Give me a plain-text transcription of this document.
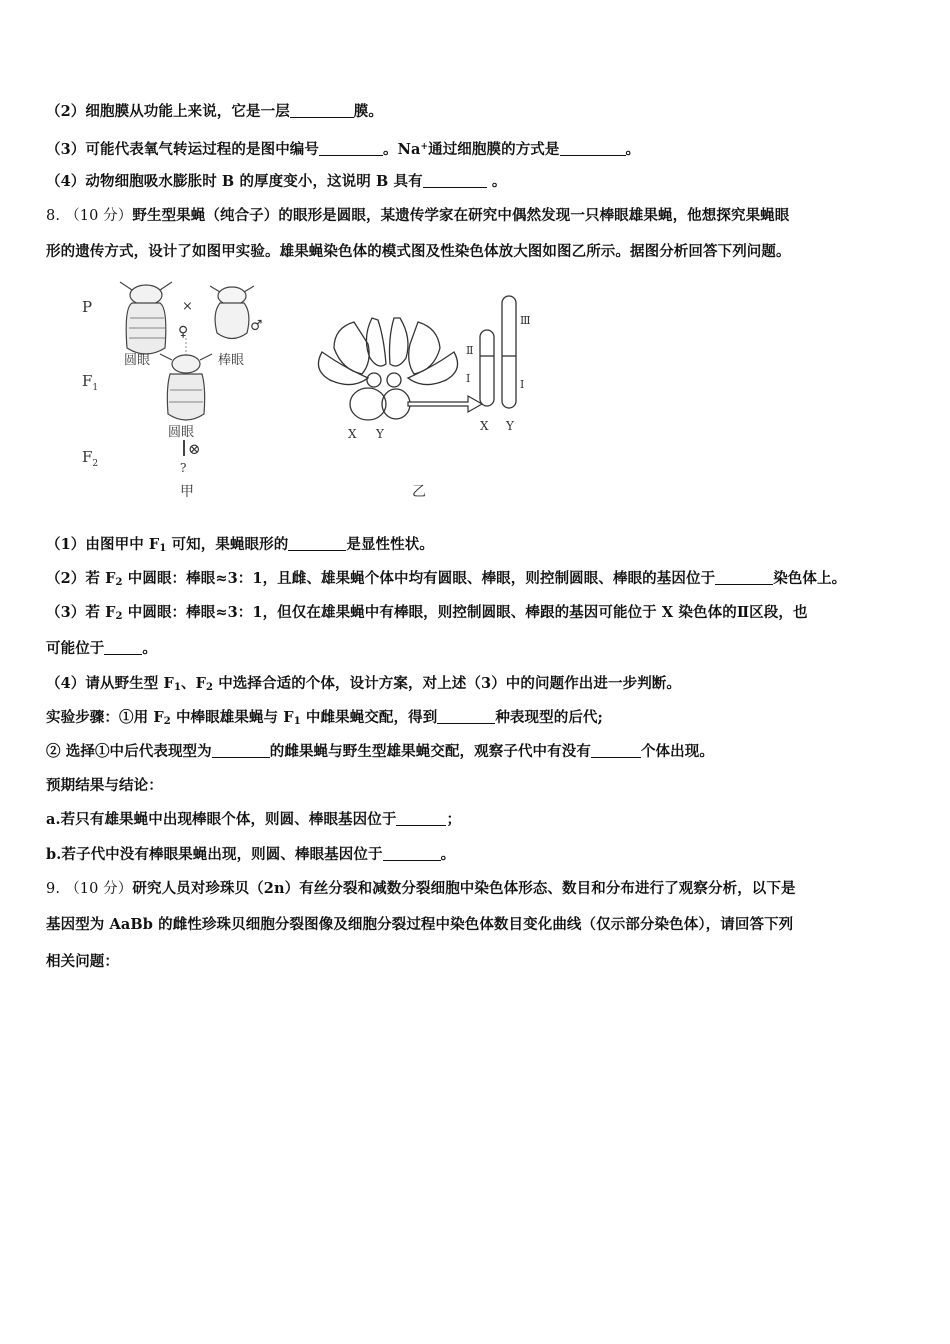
（2）细胞膜从功能上来说，它是一层	膜。
（3）可能代表氧气转运过程的是图中编号	。Na+通过细胞膜的方式是	。
（4）动物细胞吸水膨胀时 B 的厚度变小，这说明 B 具有	。
8. （10 分）野生型果蝇（纯合子）的眼形是圆眼，某遗传学家在研究中偶然发现一只棒眼雄果蝇，他想探究果蝇眼
形的遗传方式，设计了如图甲实验。雄果蝇染色体的模式图及性染色体放大图如图乙所示。据图分析回答下列问题。
P
$F_1$
$F_2$
×
♀	♂
圆眼	棒眼
圆眼
⊗
?
甲
X Y
Ⅱ
Ⅰ
Ⅲ
Ⅰ
X Y
乙
（1）由图甲中 $F_1$ 可知，果蝇眼形的	是显性性状。
（2）若 $F_2$ 中圆眼：棒眼≈3：1，且雌、雄果蝇个体中均有圆眼、棒眼，则控制圆眼、棒眼的基因位于	染色体上。
（3）若 $F_2$ 中圆眼：棒眼≈3：1，但仅在雄果蝇中有棒眼，则控制圆眼、棒跟的基因可能位于 X 染色体的Ⅱ区段，也
可能位于	。
（4）请从野生型 $F_1$、$F_2$ 中选择合适的个体，设计方案，对上述（3）中的问题作出进一步判断。
实验步骤：①用 $F_2$ 中棒眼雄果蝇与 $F_1$ 中雌果蝇交配，得到	种表现型的后代;
② 选择①中后代表现型为	的雌果蝇与野生型雄果蝇交配，观察子代中有没有	个体出现。
预期结果与结论：
a.若只有雄果蝇中出现棒眼个体，则圆、棒眼基因位于	；
b.若子代中没有棒眼果蝇出现，则圆、棒眼基因位于	。
9. （10 分）研究人员对珍珠贝（2n）有丝分裂和减数分裂细胞中染色体形态、数目和分布进行了观察分析，以下是
基因型为 AaBb 的雌性珍珠贝细胞分裂图像及细胞分裂过程中染色体数目变化曲线（仅示部分染色体），请回答下列
相关问题：
